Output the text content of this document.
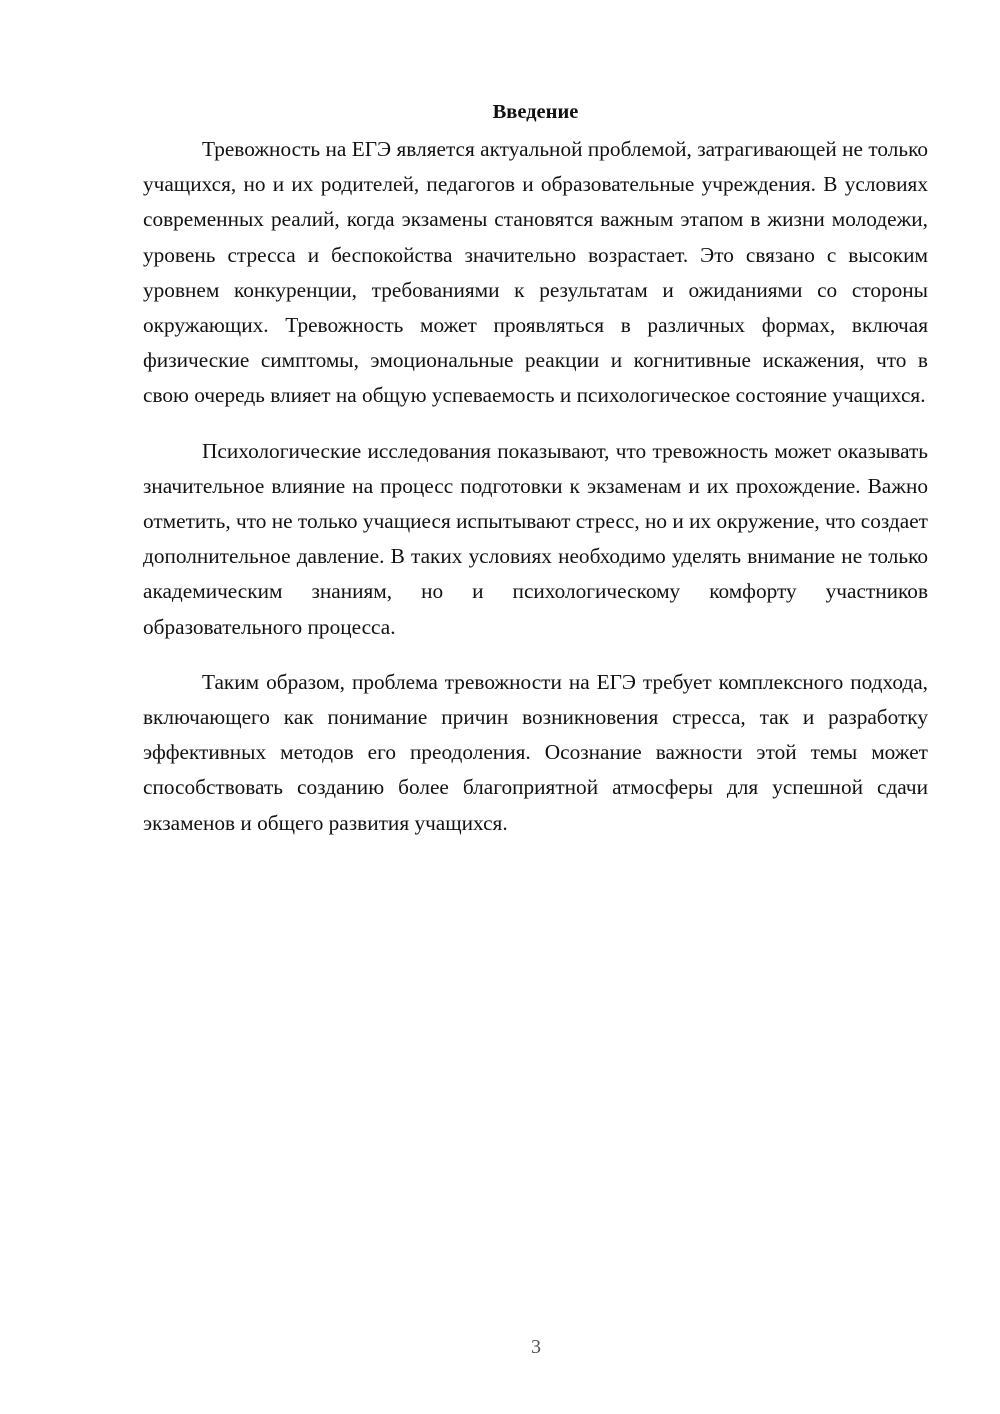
Введение

Тревожность на ЕГЭ является актуальной проблемой, затрагивающей не только учащихся, но и их родителей, педагогов и образовательные учреждения. В условиях современных реалий, когда экзамены становятся важным этапом в жизни молодежи, уровень стресса и беспокойства значительно возрастает. Это связано с высоким уровнем конкуренции, требованиями к результатам и ожиданиями со стороны окружающих. Тревожность может проявляться в различных формах, включая физические симптомы, эмоциональные реакции и когнитивные искажения, что в свою очередь влияет на общую успеваемость и психологическое состояние учащихся.

Психологические исследования показывают, что тревожность может оказывать значительное влияние на процесс подготовки к экзаменам и их прохождение. Важно отметить, что не только учащиеся испытывают стресс, но и их окружение, что создает дополнительное давление. В таких условиях необходимо уделять внимание не только академическим знаниям, но и психологическому комфорту участников образовательного процесса.

Таким образом, проблема тревожности на ЕГЭ требует комплексного подхода, включающего как понимание причин возникновения стресса, так и разработку эффективных методов его преодоления. Осознание важности этой темы может способствовать созданию более благоприятной атмосферы для успешной сдачи экзаменов и общего развития учащихся.

3
